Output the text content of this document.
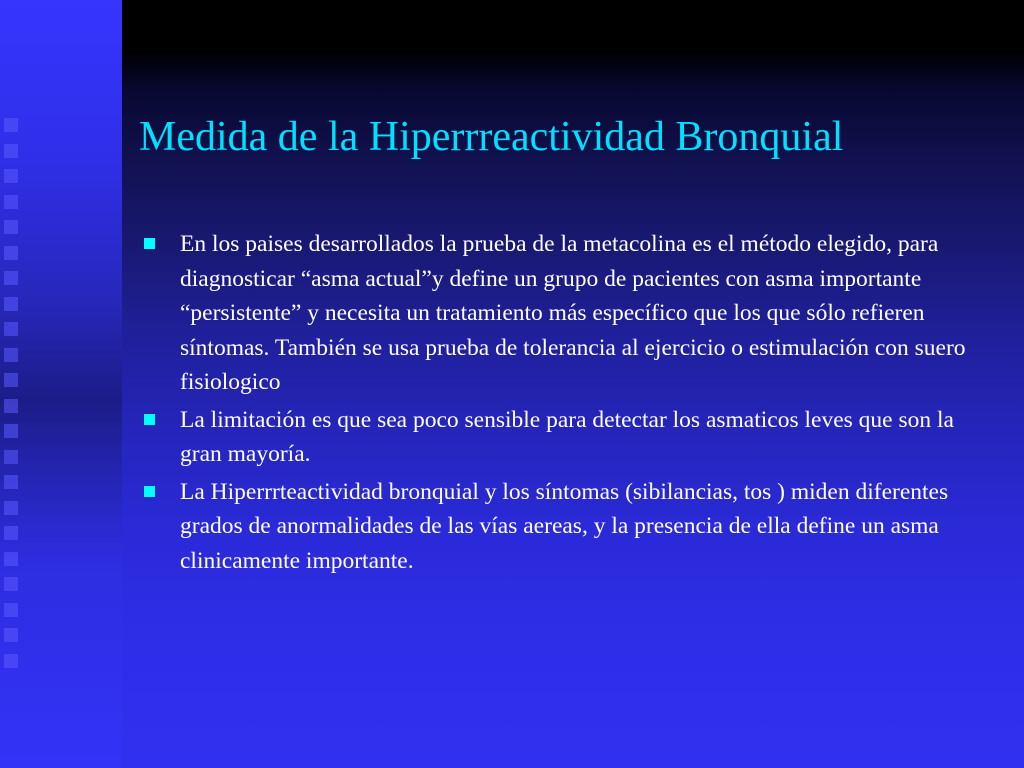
Medida de la Hiperrreactividad Bronquial
En los paises desarrollados la prueba de la metacolina es el método elegido, para diagnosticar “asma actual”y define un grupo de pacientes con asma importante “persistente” y necesita un tratamiento más específico que los que sólo refieren síntomas. También se usa prueba de tolerancia al ejercicio o estimulación con suero fisiologico
La limitación es que sea poco sensible para detectar los asmaticos leves que son la gran mayoría.
La Hiperrrteactividad bronquial y los síntomas (sibilancias, tos ) miden diferentes grados de anormalidades de las vías aereas, y la presencia de ella define un asma clinicamente importante.
